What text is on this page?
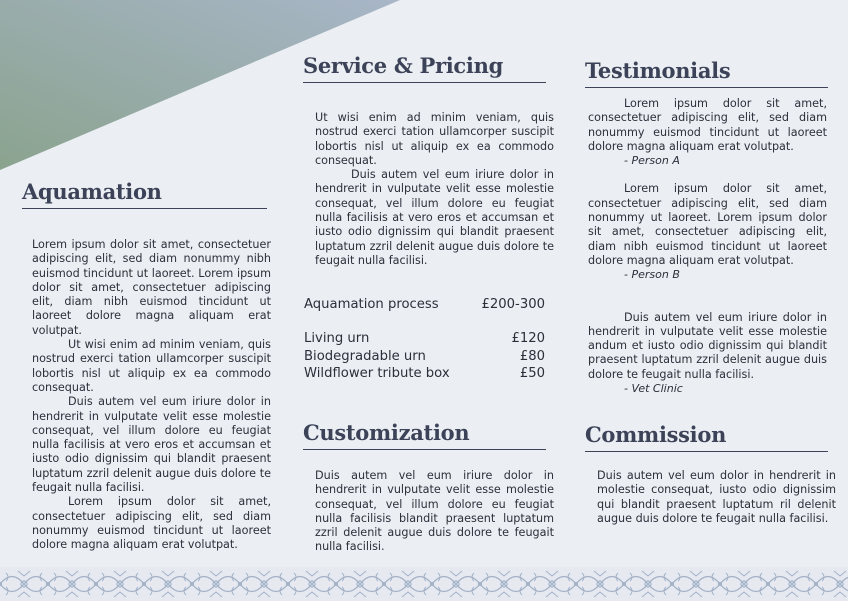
Aquamation

Lorem ipsum dolor sit amet, consectetuer adipiscing elit, sed diam nonummy nibh euismod tincidunt ut laoreet. Lorem ipsum dolor sit amet, consectetuer adipiscing elit, diam nibh euismod tincidunt ut laoreet dolore magna aliquam erat volutpat.

Ut wisi enim ad minim veniam, quis nostrud exerci tation ullamcorper suscipit lobortis nisl ut aliquip ex ea commodo consequat.

Duis autem vel eum iriure dolor in hendrerit in vulputate velit esse molestie consequat, vel illum dolore eu feugiat nulla facilisis at vero eros et accumsan et iusto odio dignissim qui blandit praesent luptatum zzril delenit augue duis dolore te feugait nulla facilisi.

Lorem ipsum dolor sit amet, consectetuer adipiscing elit, sed diam nonummy euismod tincidunt ut laoreet dolore magna aliquam erat volutpat.

Service & Pricing

Ut wisi enim ad minim veniam, quis nostrud exerci tation ullamcorper suscipit lobortis nisl ut aliquip ex ea commodo consequat.

Duis autem vel eum iriure dolor in hendrerit in vulputate velit esse molestie consequat, vel illum dolore eu feugiat nulla facilisis at vero eros et accumsan et iusto odio dignissim qui blandit praesent luptatum zzril delenit augue duis dolore te feugait nulla facilisi.

Aquamation process	£200-300
Living urn	£120
Biodegradable urn	£80
Wildflower tribute box	£50
Customization

Duis autem vel eum iriure dolor in hendrerit in vulputate velit esse molestie consequat, vel illum dolore eu feugiat nulla facilisis blandit praesent luptatum zzril delenit augue duis dolore te feugait nulla facilisi.

Testimonials

Lorem ipsum dolor sit amet, consectetuer adipiscing elit, sed diam nonummy euismod tincidunt ut laoreet dolore magna aliquam erat volutpat.

- Person A

Lorem ipsum dolor sit amet, consectetuer adipiscing elit, sed diam nonummy ut laoreet. Lorem ipsum dolor sit amet, consectetuer adipiscing elit, diam nibh euismod tincidunt ut laoreet dolore magna aliquam erat volutpat.

- Person B

Duis autem vel eum iriure dolor in hendrerit in vulputate velit esse molestie andum et iusto odio dignissim qui blandit praesent luptatum zzril delenit augue duis dolore te feugait nulla facilisi.

- Vet Clinic

Commission

Duis autem vel eum dolor in hendrerit in molestie consequat, iusto odio dignissim qui blandit praesent luptatum ril delenit augue duis dolore te feugait nulla facilisi.
